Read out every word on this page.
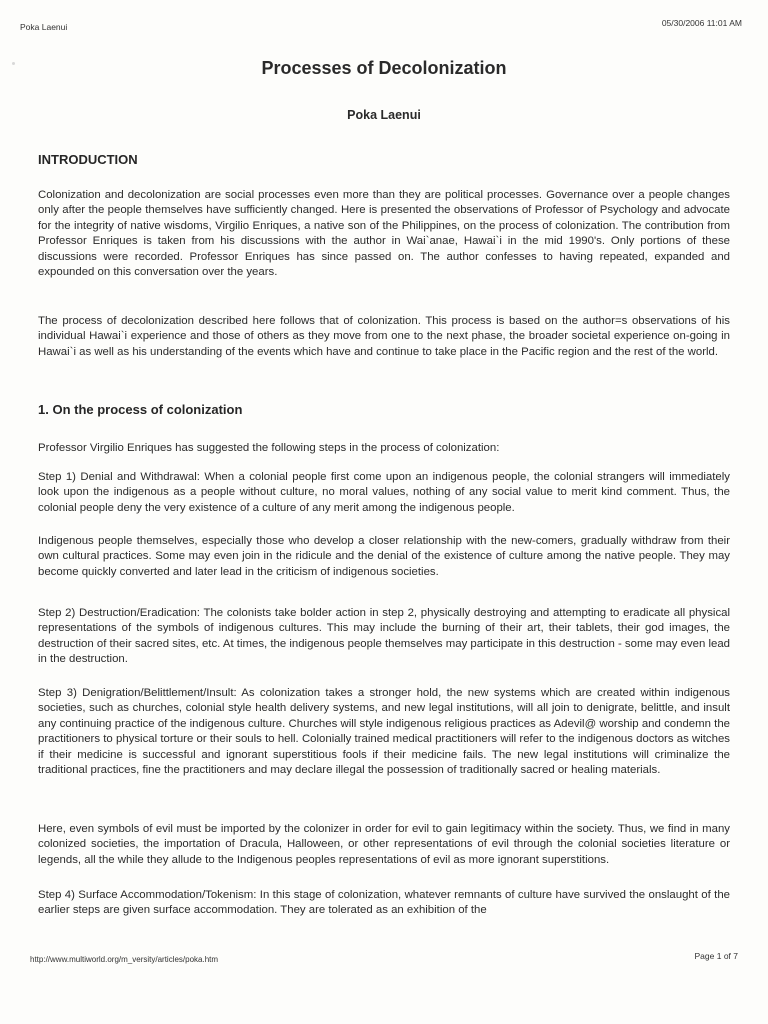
Poka Laenui	05/30/2006 11:01 AM
Processes of Decolonization
Poka Laenui
INTRODUCTION
Colonization and decolonization are social processes even more than they are political processes. Governance over a people changes only after the people themselves have sufficiently changed. Here is presented the observations of Professor of Psychology and advocate for the integrity of native wisdoms, Virgilio Enriques, a native son of the Philippines, on the process of colonization. The contribution from Professor Enriques is taken from his discussions with the author in Wai`anae, Hawai`i in the mid 1990's. Only portions of these discussions were recorded. Professor Enriques has since passed on. The author confesses to having repeated, expanded and expounded on this conversation over the years.
The process of decolonization described here follows that of colonization. This process is based on the author=s observations of his individual Hawai`i experience and those of others as they move from one to the next phase, the broader societal experience on-going in Hawai`i as well as his understanding of the events which have and continue to take place in the Pacific region and the rest of the world.
1. On the process of colonization
Professor Virgilio Enriques has suggested the following steps in the process of colonization:
Step 1) Denial and Withdrawal: When a colonial people first come upon an indigenous people, the colonial strangers will immediately look upon the indigenous as a people without culture, no moral values, nothing of any social value to merit kind comment. Thus, the colonial people deny the very existence of a culture of any merit among the indigenous people.
Indigenous people themselves, especially those who develop a closer relationship with the new-comers, gradually withdraw from their own cultural practices. Some may even join in the ridicule and the denial of the existence of culture among the native people. They may become quickly converted and later lead in the criticism of indigenous societies.
Step 2) Destruction/Eradication: The colonists take bolder action in step 2, physically destroying and attempting to eradicate all physical representations of the symbols of indigenous cultures. This may include the burning of their art, their tablets, their god images, the destruction of their sacred sites, etc. At times, the indigenous people themselves may participate in this destruction - some may even lead in the destruction.
Step 3) Denigration/Belittlement/Insult: As colonization takes a stronger hold, the new systems which are created within indigenous societies, such as churches, colonial style health delivery systems, and new legal institutions, will all join to denigrate, belittle, and insult any continuing practice of the indigenous culture. Churches will style indigenous religious practices as Adevil@ worship and condemn the practitioners to physical torture or their souls to hell. Colonially trained medical practitioners will refer to the indigenous doctors as witches if their medicine is successful and ignorant superstitious fools if their medicine fails. The new legal institutions will criminalize the traditional practices, fine the practitioners and may declare illegal the possession of traditionally sacred or healing materials.
Here, even symbols of evil must be imported by the colonizer in order for evil to gain legitimacy within the society. Thus, we find in many colonized societies, the importation of Dracula, Halloween, or other representations of evil through the colonial societies literature or legends, all the while they allude to the Indigenous peoples representations of evil as more ignorant superstitions.
Step 4) Surface Accommodation/Tokenism: In this stage of colonization, whatever remnants of culture have survived the onslaught of the earlier steps are given surface accommodation. They are tolerated as an exhibition of the
http://www.multiworld.org/m_versity/articles/poka.htm	Page 1 of 7
